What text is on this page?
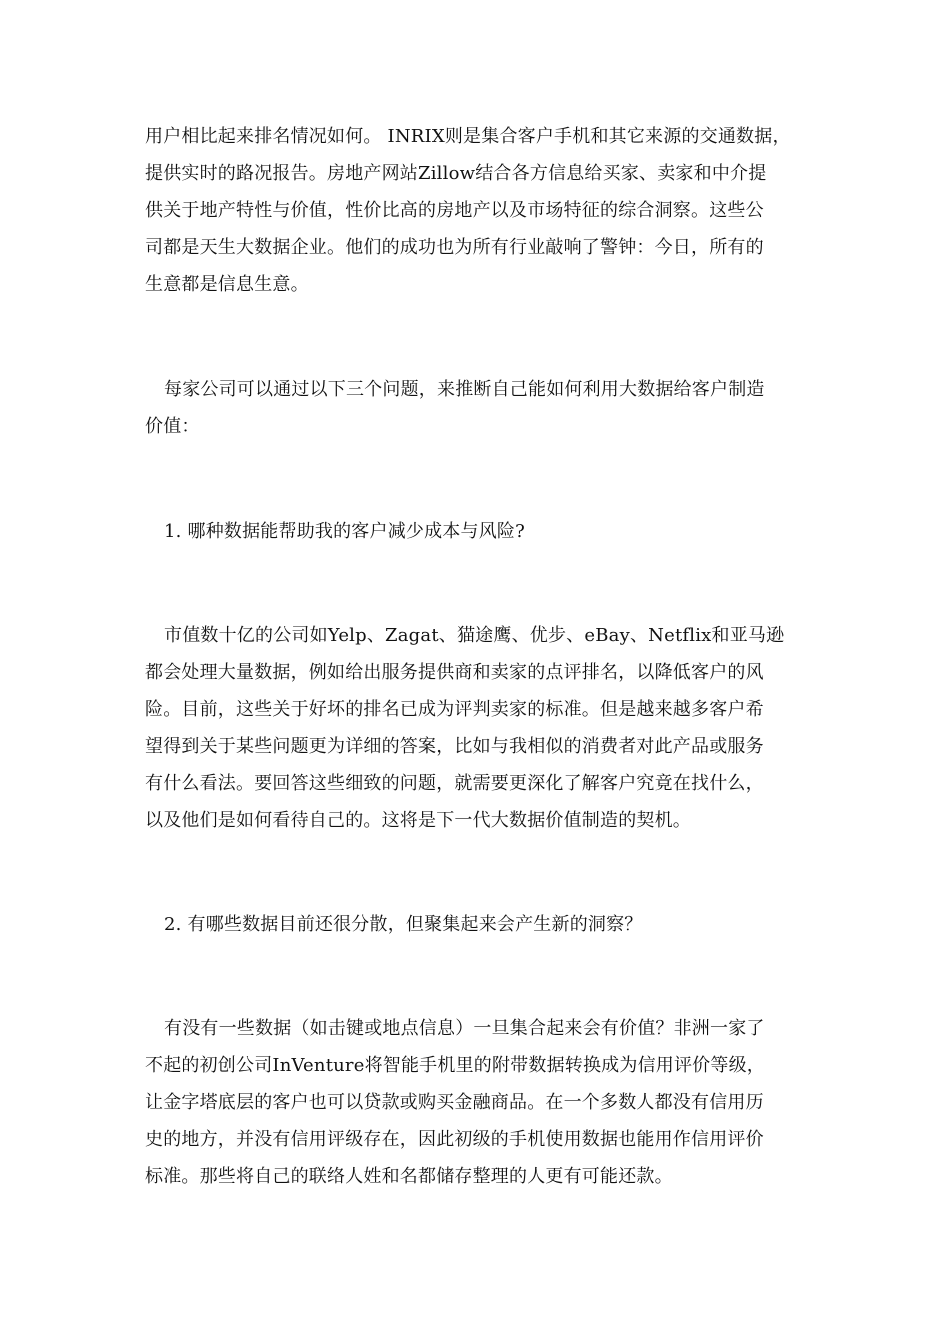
用户相比起来排名情况如何。 INRIX则是集合客户手机和其它来源的交通数据，
提供实时的路况报告。房地产网站Zillow结合各方信息给买家、卖家和中介提
供关于地产特性与价值，性价比高的房地产以及市场特征的综合洞察。这些公
司都是天生大数据企业。他们的成功也为所有行业敲响了警钟：今日，所有的
生意都是信息生意。
每家公司可以通过以下三个问题，来推断自己能如何利用大数据给客户制造
价值：
1. 哪种数据能帮助我的客户减少成本与风险?
市值数十亿的公司如Yelp、Zagat、猫途鹰、优步、eBay、Netflix和亚马逊
都会处理大量数据，例如给出服务提供商和卖家的点评排名，以降低客户的风
险。目前，这些关于好坏的排名已成为评判卖家的标准。但是越来越多客户希
望得到关于某些问题更为详细的答案，比如与我相似的消费者对此产品或服务
有什么看法。要回答这些细致的问题，就需要更深化了解客户究竟在找什么，
以及他们是如何看待自己的。这将是下一代大数据价值制造的契机。
2. 有哪些数据目前还很分散，但聚集起来会产生新的洞察？
有没有一些数据（如击键或地点信息）一旦集合起来会有价值？非洲一家了
不起的初创公司InVenture将智能手机里的附带数据转换成为信用评价等级，
让金字塔底层的客户也可以贷款或购买金融商品。在一个多数人都没有信用历
史的地方，并没有信用评级存在，因此初级的手机使用数据也能用作信用评价
标准。那些将自己的联络人姓和名都储存整理的人更有可能还款。
